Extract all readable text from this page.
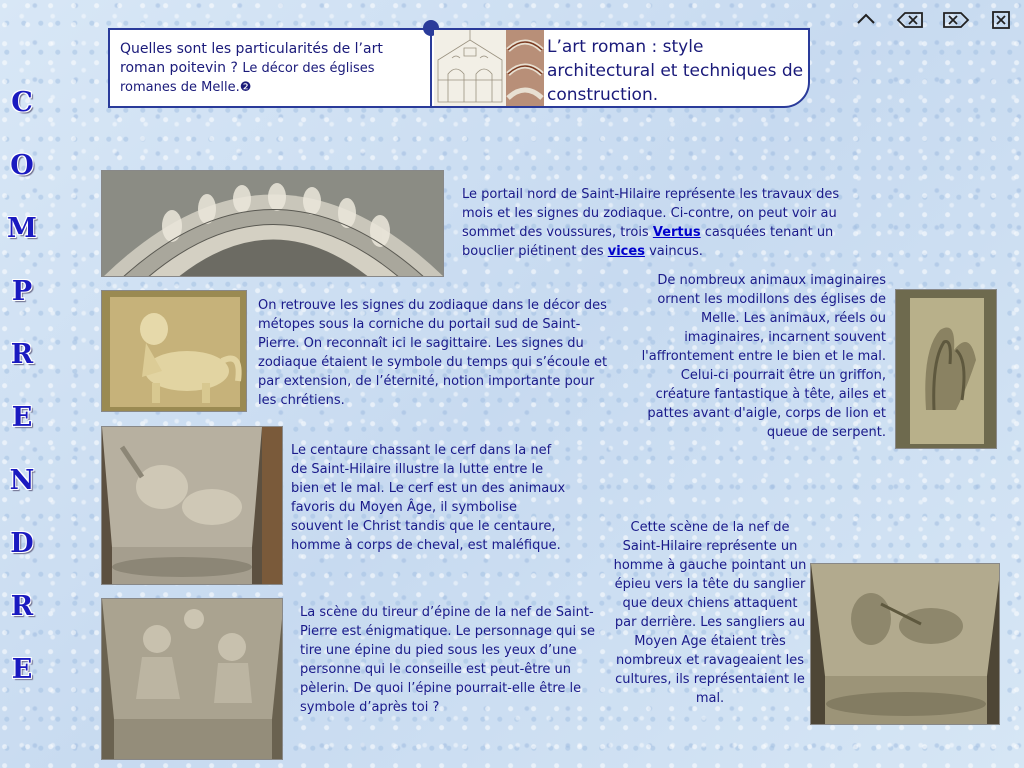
C
O
M
P
R
E
N
D
R
E
Quelles sont les particularités de l’art roman poitevin ? Le décor des églises romanes de Melle.❷
L’art roman : style architectural et techniques de construction.
Le portail nord de Saint-Hilaire représente les travaux des mois et les signes du zodiaque. Ci-contre, on peut voir au sommet des voussures, trois Vertus casquées tenant un bouclier piétinent des vices vaincus.
On retrouve les signes du zodiaque dans le décor des métopes sous la corniche du portail sud de Saint-Pierre. On reconnaît ici le sagittaire. Les signes du zodiaque étaient le symbole du temps qui s’écoule et par extension, de l’éternité, notion importante pour les chrétiens.
De nombreux animaux imaginaires ornent les modillons des églises de Melle. Les animaux, réels ou imaginaires, incarnent souvent l'affrontement entre le bien et le mal. Celui-ci pourrait être un griffon, créature fantastique à tête, ailes et pattes avant d'aigle, corps de lion et queue de serpent.
Le centaure chassant le cerf dans la nef de Saint-Hilaire illustre la lutte entre le bien et le mal. Le cerf est un des animaux favoris du Moyen Âge, il symbolise souvent le Christ tandis que le centaure, homme à corps de cheval, est maléfique.
Cette scène de la nef de Saint-Hilaire représente un homme à gauche pointant un épieu vers la tête du sanglier que deux chiens attaquent par derrière. Les sangliers au Moyen Age étaient très nombreux et ravageaient les cultures, ils représentaient le mal.
La scène du tireur d’épine de la nef de Saint-Pierre est énigmatique. Le personnage qui se tire une épine du pied sous les yeux d’une personne qui le conseille est peut-être un pèlerin. De quoi l’épine pourrait-elle être le symbole d’après toi ?
